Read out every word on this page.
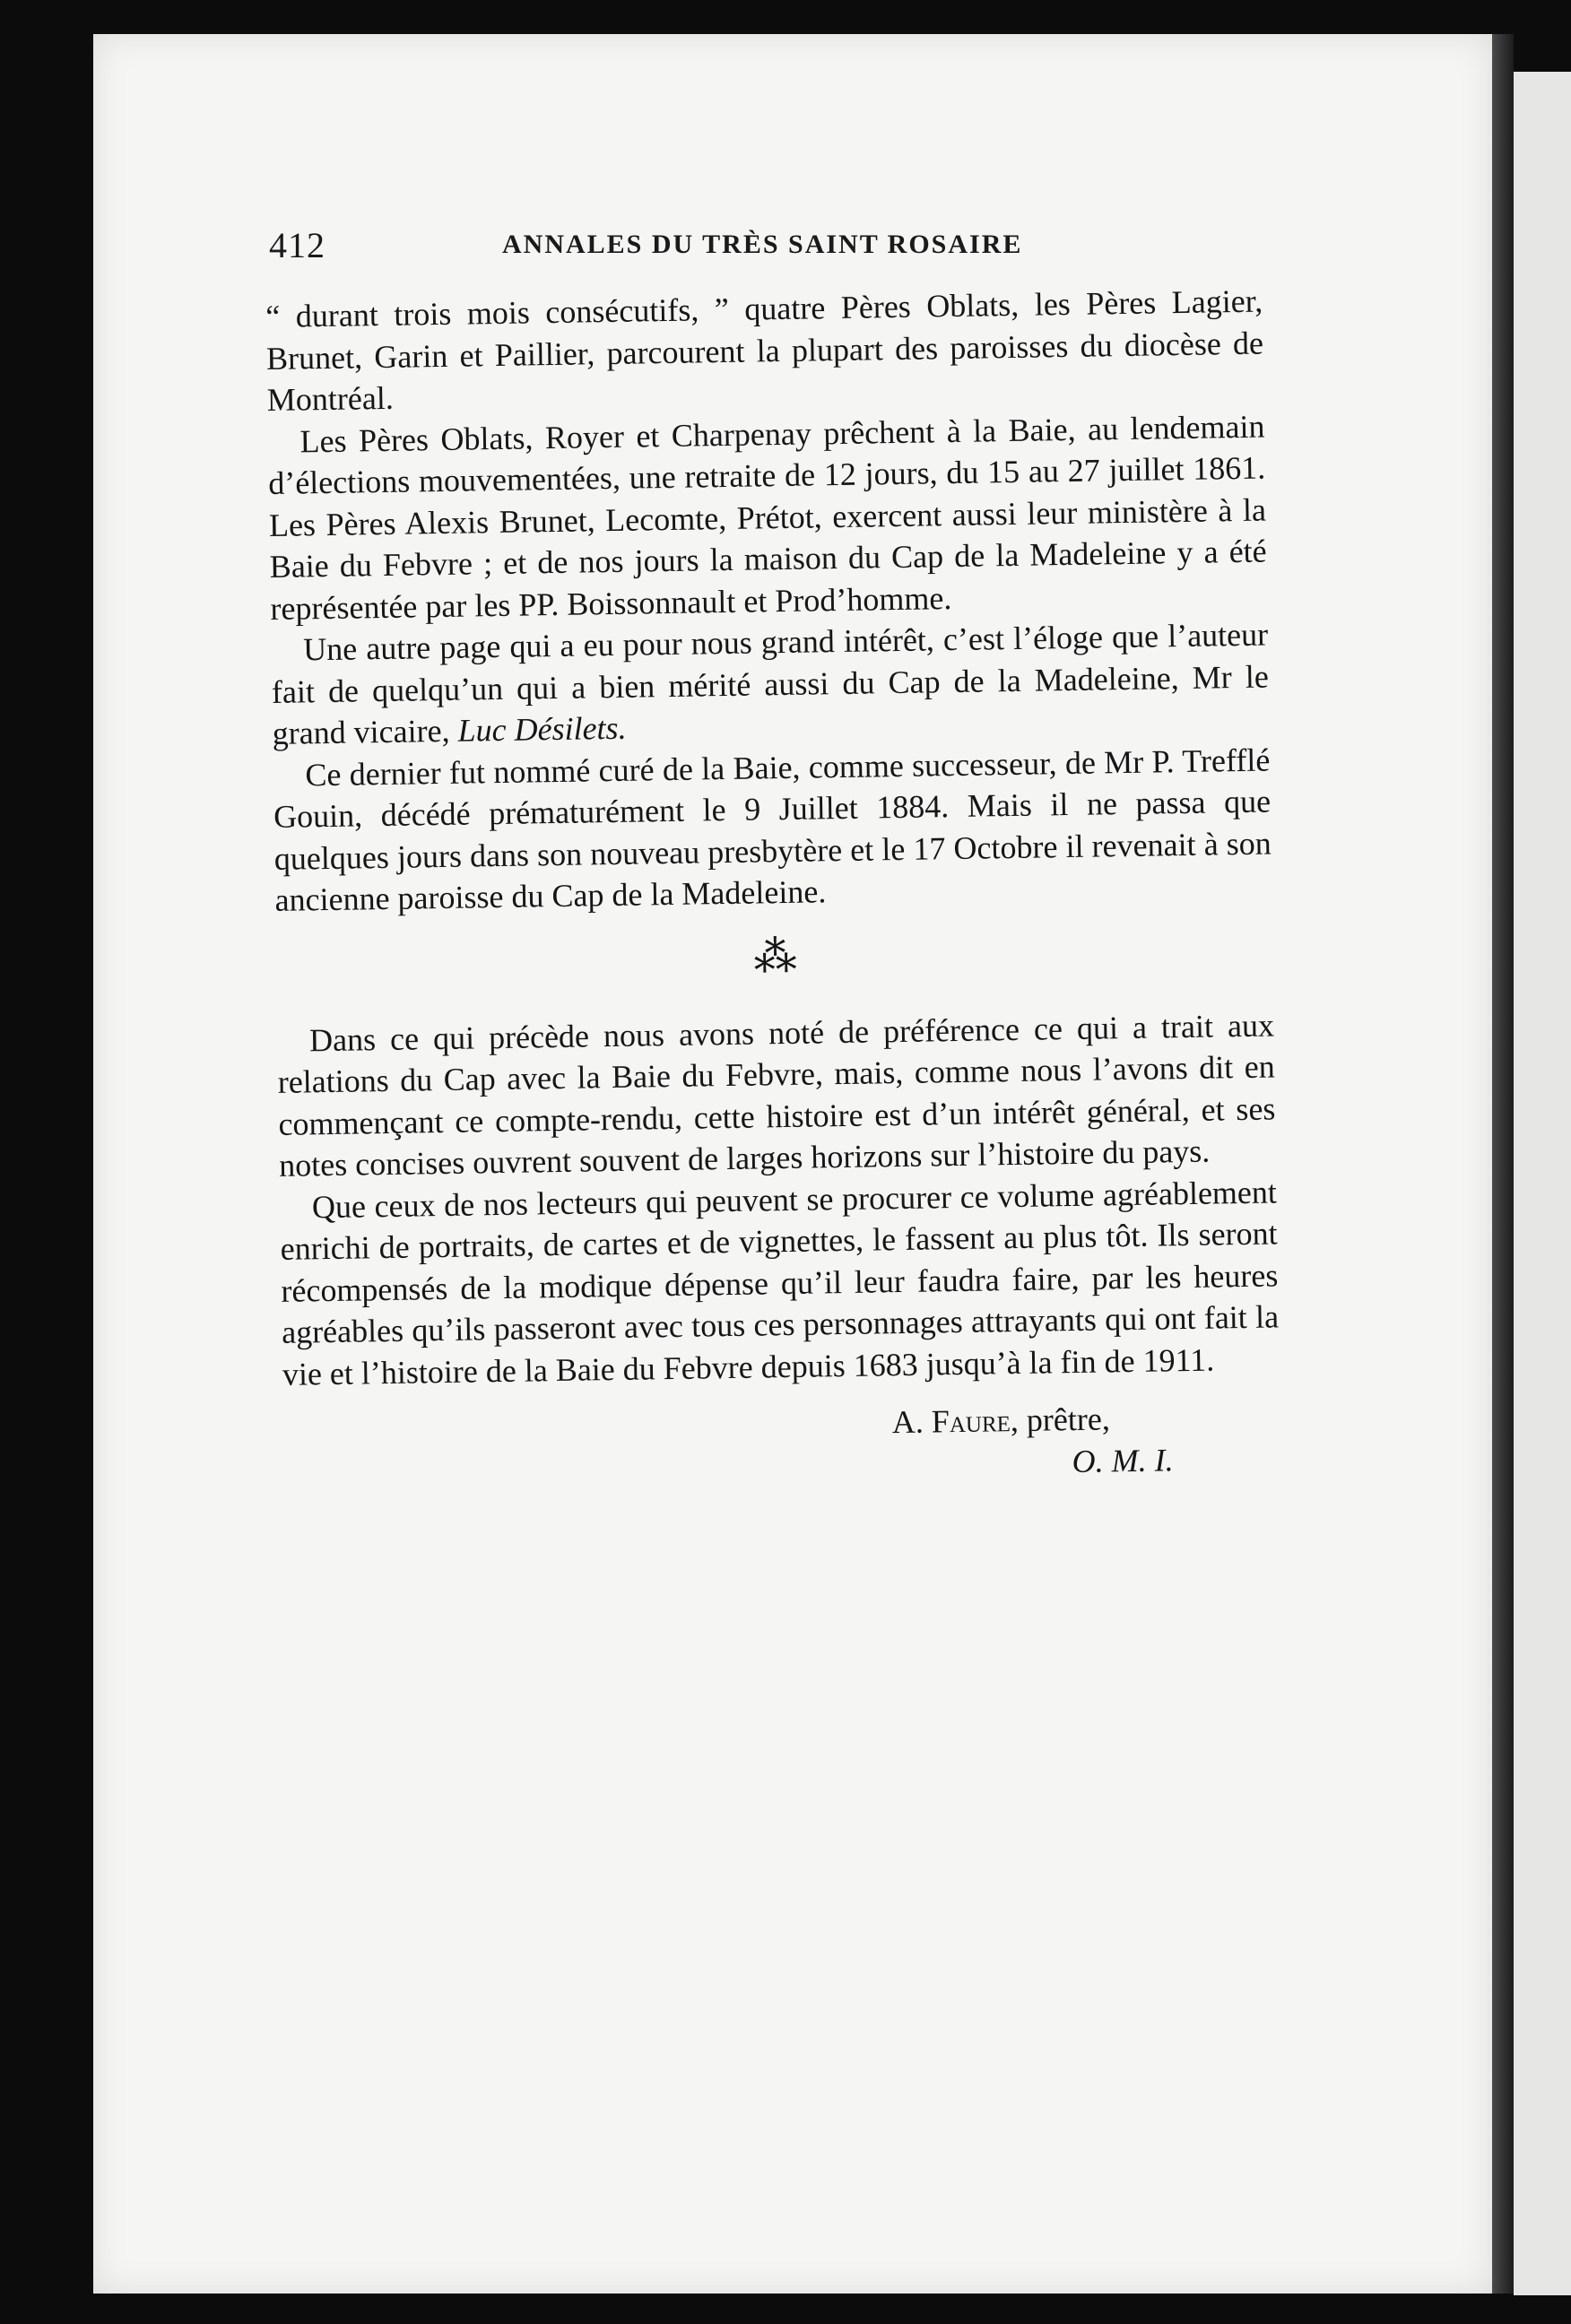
412	ANNALES DU TRÈS SAINT ROSAIRE

“ durant trois mois consécutifs, ” quatre Pères Oblats, les Pères Lagier, Brunet, Garin et Paillier, parcourent la plupart des paroisses du diocèse de Montréal.

Les Pères Oblats, Royer et Charpenay prêchent à la Baie, au lendemain d’élections mouvementées, une retraite de 12 jours, du 15 au 27 juillet 1861. Les Pères Alexis Brunet, Lecomte, Prétot, exercent aussi leur ministère à la Baie du Febvre ; et de nos jours la maison du Cap de la Madeleine y a été représentée par les PP. Boissonnault et Prod’homme.

Une autre page qui a eu pour nous grand intérêt, c’est l’éloge que l’auteur fait de quelqu’un qui a bien mérité aussi du Cap de la Madeleine, Mr le grand vicaire, Luc Désilets.

Ce dernier fut nommé curé de la Baie, comme successeur, de Mr P. Trefflé Gouin, décédé prématurément le 9 Juillet 1884. Mais il ne passa que quelques jours dans son nouveau presbytère et le 17 Octobre il revenait à son ancienne paroisse du Cap de la Madeleine.

⁂

Dans ce qui précède nous avons noté de préférence ce qui a trait aux relations du Cap avec la Baie du Febvre, mais, comme nous l’avons dit en commençant ce compte-rendu, cette histoire est d’un intérêt général, et ses notes concises ouvrent souvent de larges horizons sur l’histoire du pays.

Que ceux de nos lecteurs qui peuvent se procurer ce volume agréablement enrichi de portraits, de cartes et de vignettes, le fassent au plus tôt. Ils seront récompensés de la modique dépense qu’il leur faudra faire, par les heures agréables qu’ils passeront avec tous ces personnages attrayants qui ont fait la vie et l’histoire de la Baie du Febvre depuis 1683 jusqu’à la fin de 1911.

A. Faure, prêtre,
O. M. I.
